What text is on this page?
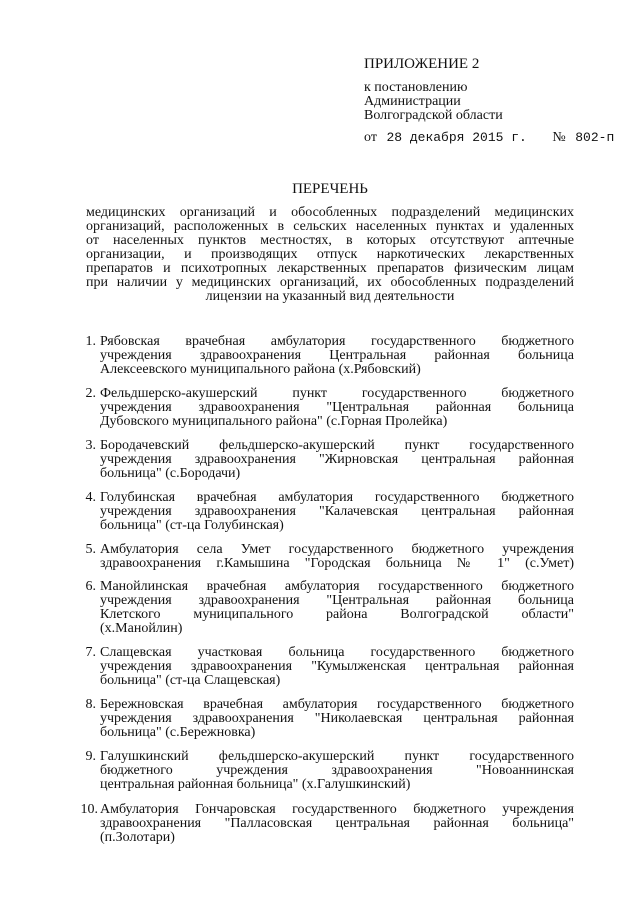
ПРИЛОЖЕНИЕ 2
к постановлению
Администрации
Волгоградской области
от 28 декабря 2015 г. № 802-п
ПЕРЕЧЕНЬ
медицинских организаций и обособленных подразделений медицинских
организаций, расположенных в сельских населенных пунктах и удаленных
от населенных пунктов местностях, в которых отсутствуют аптечные
организации, и производящих отпуск наркотических лекарственных
препаратов и психотропных лекарственных препаратов физическим лицам
при наличии у медицинских организаций, их обособленных подразделений
лицензии на указанный вид деятельности
1. Рябовская врачебная амбулатория государственного бюджетного
учреждения здравоохранения Центральная районная больница
Алексеевского муниципального района (х.Рябовский)
2. Фельдшерско-акушерский пункт государственного бюджетного
учреждения здравоохранения "Центральная районная больница
Дубовского муниципального района" (с.Горная Пролейка)
3. Бородачевский фельдшерско-акушерский пункт государственного
учреждения здравоохранения "Жирновская центральная районная
больница" (с.Бородачи)
4. Голубинская врачебная амбулатория государственного бюджетного
учреждения здравоохранения "Калачевская центральная районная
больница" (ст-ца Голубинская)
5. Амбулатория села Умет государственного бюджетного учреждения
здравоохранения г.Камышина "Городская больница № 1" (с.Умет)
6. Манойлинская врачебная амбулатория государственного бюджетного
учреждения здравоохранения "Центральная районная больница
Клетского муниципального района Волгоградской области"
(х.Манойлин)
7. Слащевская участковая больница государственного бюджетного
учреждения здравоохранения "Кумылженская центральная районная
больница" (ст-ца Слащевская)
8. Бережновская врачебная амбулатория государственного бюджетного
учреждения здравоохранения "Николаевская центральная районная
больница" (с.Бережновка)
9. Галушкинский фельдшерско-акушерский пункт государственного
бюджетного учреждения здравоохранения "Новоаннинская
центральная районная больница" (х.Галушкинский)
10. Амбулатория Гончаровская государственного бюджетного учреждения
здравоохранения "Палласовская центральная районная больница"
(п.Золотари)
